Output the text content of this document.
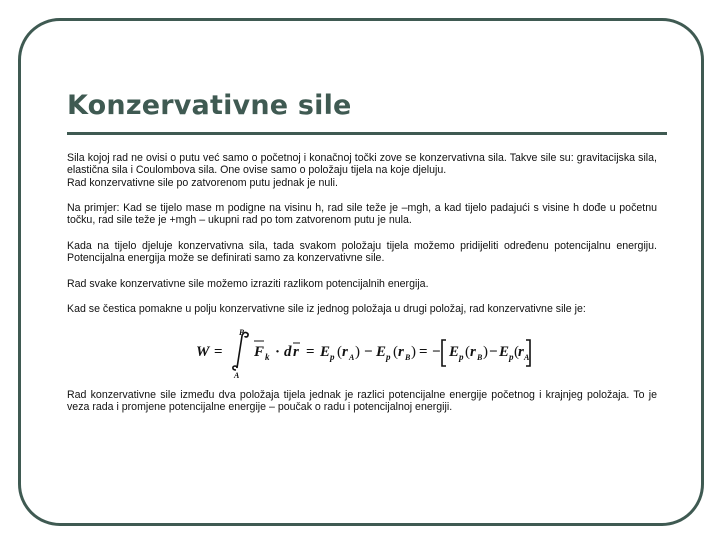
Konzervativne sile

Sila kojoj rad ne ovisi o putu već samo o početnoj i konačnoj točki zove se konzervativna sila. Takve sile su: gravitacijska sila, elastična sila i Coulombova sila. One ovise samo o položaju tijela na koje djeluju.

Rad konzervativne sile po zatvorenom putu jednak je nuli.

Na primjer: Kad se tijelo mase m podigne na visinu h, rad sile teže je –mgh, a kad tijelo padajući s visine h dođe u početnu točku, rad sile teže je +mgh – ukupni rad po tom zatvorenom putu je nula.

Kada na tijelo djeluje konzervativna sila, tada svakom položaju tijela možemo pridijeliti određenu potencijalnu energiju. Potencijalna energija može se definirati samo za konzervativne sile.

Rad svake konzervativne sile možemo izraziti razlikom potencijalnih energija.

Kad se čestica pomakne u polju konzervativne sile iz jednog položaja u drugi položaj, rad konzervativne sile je:

W =
B
A
F k · d r = E p ( r A ) − E p ( r B ) = − E p ( r B ) − E p ( r A

Rad konzervativne sile između dva položaja tijela jednak je razlici potencijalne energije početnog i krajnjeg položaja. To je veza rada i promjene potencijalne energije – poučak o radu i potencijalnoj energiji.
